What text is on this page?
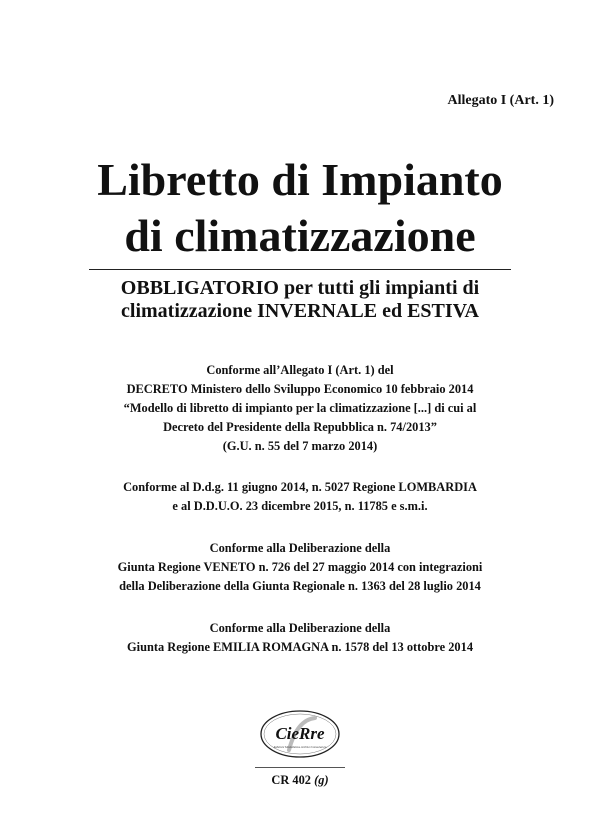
Allegato I (Art. 1)
Libretto di Impianto
di climatizzazione
OBBLIGATORIO per tutti gli impianti di
climatizzazione INVERNALE ed ESTIVA
Conforme all’Allegato I (Art. 1) del
DECRETO Ministero dello Sviluppo Economico 10 febbraio 2014
“Modello di libretto di impianto per la climatizzazione [...] di cui al
Decreto del Presidente della Repubblica n. 74/2013”
(G.U. n. 55 del 7 marzo 2014)
Conforme al D.d.g. 11 giugno 2014, n. 5027 Regione LOMBARDIA
e al D.D.U.O. 23 dicembre 2015, n. 11785 e s.m.i.
Conforme alla Deliberazione della
Giunta Regione VENETO n. 726 del 27 maggio 2014 con integrazioni
della Deliberazione della Giunta Regionale n. 1363 del 28 luglio 2014
Conforme alla Deliberazione della
Giunta Regione EMILIA ROMAGNA n. 1578 del 13 ottobre 2014
CieRre
Edizioni Modulistica Archivi Consulenza
CR 402 (g)
